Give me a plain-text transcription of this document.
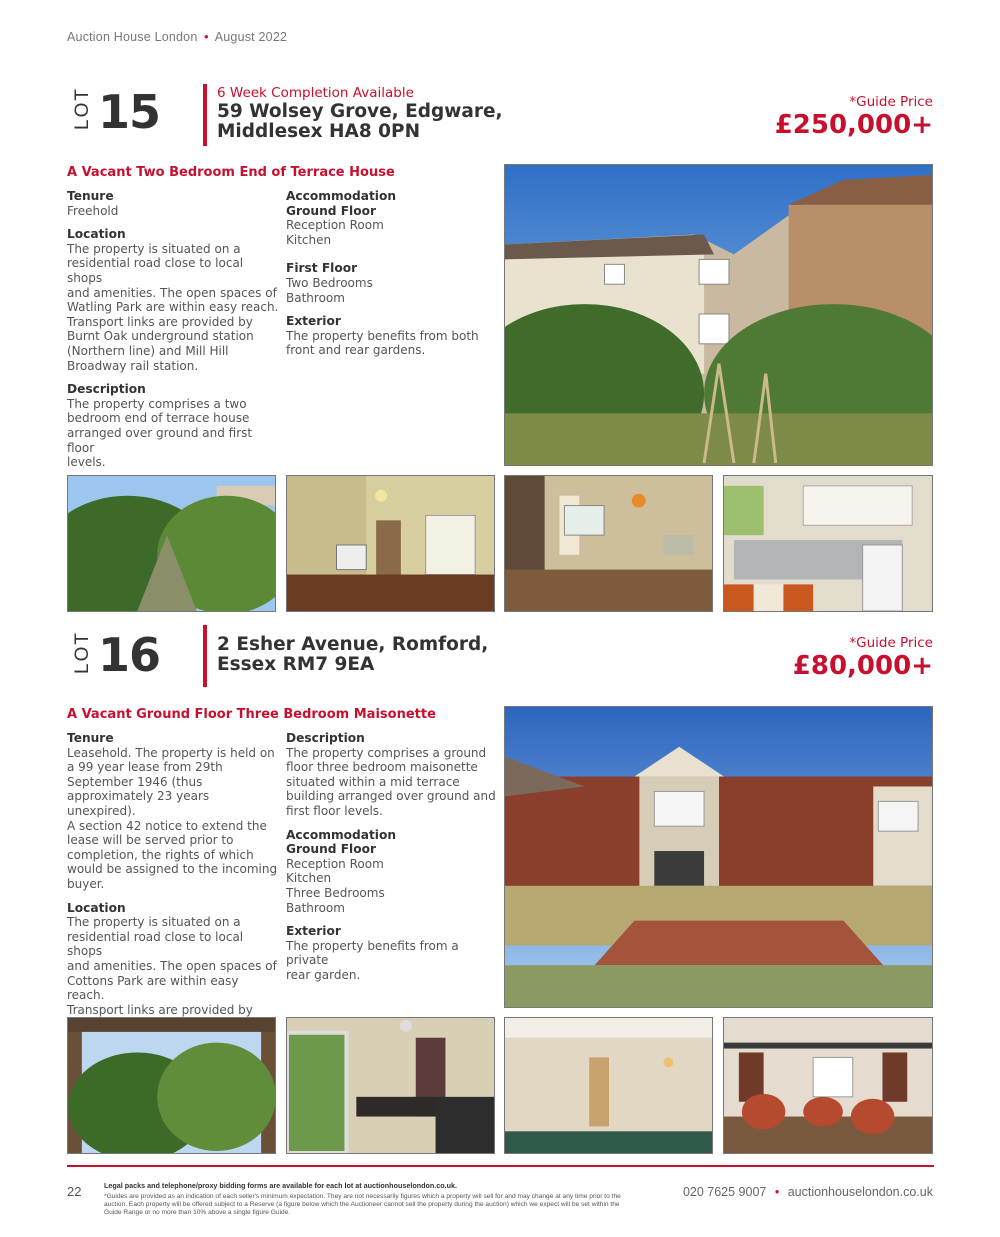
Auction House London • August 2022
LOT 15	6 Week Completion Available
59 Wolsey Grove, Edgware,
Middlesex HA8 0PN
*Guide Price
£250,000+
A Vacant Two Bedroom End of Terrace House
Tenure
Freehold
Location
The property is situated on a
residential road close to local shops
and amenities. The open spaces of
Watling Park are within easy reach.
Transport links are provided by
Burnt Oak underground station
(Northern line) and Mill Hill
Broadway rail station.
Description
The property comprises a two
bedroom end of terrace house
arranged over ground and first floor
levels.
Accommodation
Ground Floor
Reception Room
Kitchen
First Floor
Two Bedrooms
Bathroom
Exterior
The property benefits from both
front and rear gardens.
LOT 16	2 Esher Avenue, Romford,
Essex RM7 9EA
*Guide Price
£80,000+
A Vacant Ground Floor Three Bedroom Maisonette
Tenure
Leasehold. The property is held on
a 99 year lease from 29th
September 1946 (thus
approximately 23 years unexpired).
A section 42 notice to extend the
lease will be served prior to
completion, the rights of which
would be assigned to the incoming
buyer.
Location
The property is situated on a
residential road close to local shops
and amenities. The open spaces of
Cottons Park are within easy reach.
Transport links are provided by

Description
The property comprises a ground
floor three bedroom maisonette
situated within a mid terrace
building arranged over ground and
first floor levels.
Accommodation
Ground Floor
Reception Room
Kitchen
Three Bedrooms
Bathroom
Exterior
The property benefits from a private
rear garden.
22	Legal packs and telephone/proxy bidding forms are available for each lot at auctionhouselondon.co.uk.
*Guides are provided as an indication of each seller's minimum expectation. They are not necessarily figures which a property will sell for and may change at any time prior to the auction. Each property will be offered subject to a Reserve (a figure below which the Auctioneer cannot sell the property during the auction) which we expect will be set within the Guide Range or no more than 10% above a single figure Guide.
020 7625 9007 • auctionhouselondon.co.uk
